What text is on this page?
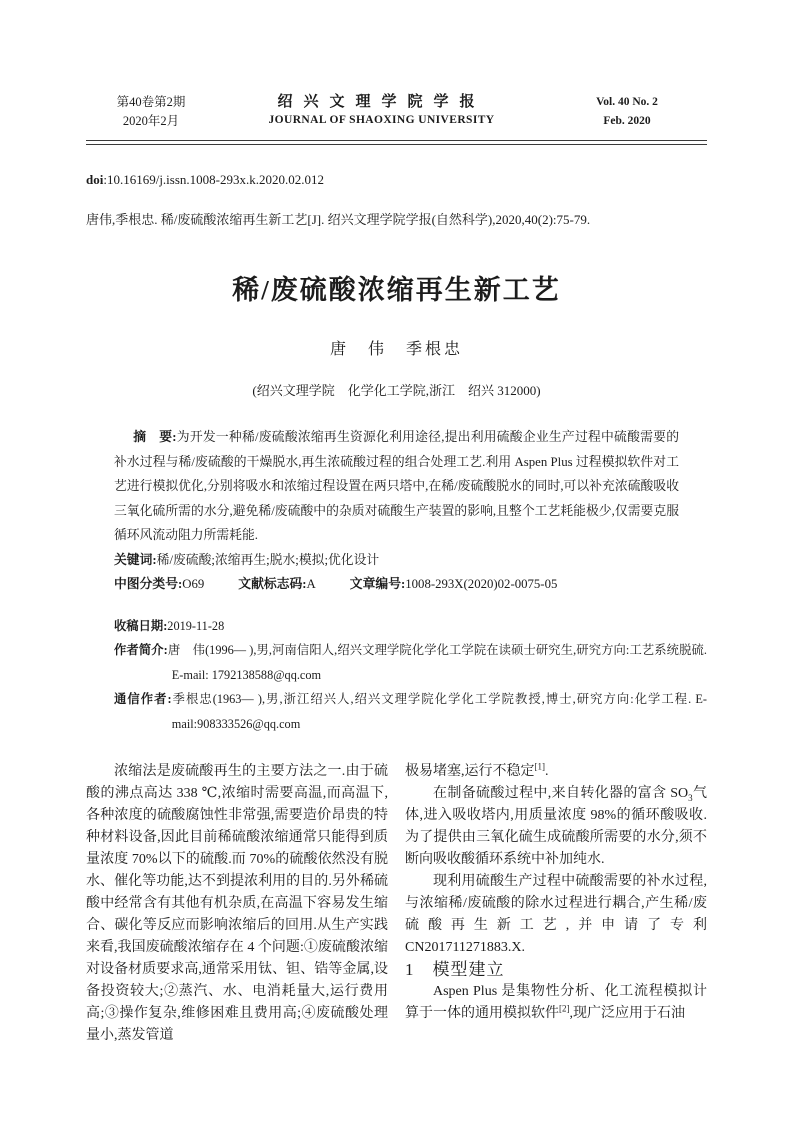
第40卷第2期
2020年2月
绍兴文理学院学报
JOURNAL OF SHAOXING UNIVERSITY
Vol. 40 No. 2
Feb. 2020
doi:10.16169/j.issn.1008-293x.k.2020.02.012
唐伟,季根忠. 稀/废硫酸浓缩再生新工艺[J]. 绍兴文理学院学报(自然科学),2020,40(2):75-79.
稀/废硫酸浓缩再生新工艺
唐　伟　季根忠
(绍兴文理学院　化学化工学院,浙江　绍兴 312000)

摘　要:为开发一种稀/废硫酸浓缩再生资源化利用途径,提出利用硫酸企业生产过程中硫酸需要的补水过程与稀/废硫酸的干燥脱水,再生浓硫酸过程的组合处理工艺.利用 Aspen Plus 过程模拟软件对工艺进行模拟优化,分别将吸水和浓缩过程设置在两只塔中,在稀/废硫酸脱水的同时,可以补充浓硫酸吸收三氧化硫所需的水分,避免稀/废硫酸中的杂质对硫酸生产装置的影响,且整个工艺耗能极少,仅需要克服循环风流动阻力所需耗能.

关键词:稀/废硫酸;浓缩再生;脱水;模拟;优化设计

中图分类号:O69	文献标志码:A	文章编号:1008-293X(2020)02-0075-05

收稿日期:2019-11-28

作者简介:唐　伟(1996— ),男,河南信阳人,绍兴文理学院化学化工学院在读硕士研究生,研究方向:工艺系统脱硫. E-mail: 1792138588@qq.com

通信作者:季根忠(1963— ),男,浙江绍兴人,绍兴文理学院化学化工学院教授,博士,研究方向:化学工程. E-mail:908333526@qq.com

浓缩法是废硫酸再生的主要方法之一.由于硫酸的沸点高达 338 ℃,浓缩时需要高温,而高温下,各种浓度的硫酸腐蚀性非常强,需要造价昂贵的特种材料设备,因此目前稀硫酸浓缩通常只能得到质量浓度 70%以下的硫酸.而 70%的硫酸依然没有脱水、催化等功能,达不到提浓利用的目的.另外稀硫酸中经常含有其他有机杂质,在高温下容易发生缩合、碳化等反应而影响浓缩后的回用.从生产实践来看,我国废硫酸浓缩存在 4 个问题:①废硫酸浓缩对设备材质要求高,通常采用钛、钽、锆等金属,设备投资较大;②蒸汽、水、电消耗量大,运行费用高;③操作复杂,维修困难且费用高;④废硫酸处理量小,蒸发管道

极易堵塞,运行不稳定[1].

在制备硫酸过程中,来自转化器的富含 $SO_3$气体,进入吸收塔内,用质量浓度 98%的循环酸吸收.为了提供由三氧化硫生成硫酸所需要的水分,须不断向吸收酸循环系统中补加纯水.

现利用硫酸生产过程中硫酸需要的补水过程,与浓缩稀/废硫酸的除水过程进行耦合,产生稀/废硫酸再生新工艺,并申请了专利CN201711271883.X.

1　模型建立

Aspen Plus 是集物性分析、化工流程模拟计算于一体的通用模拟软件[2],现广泛应用于石油
